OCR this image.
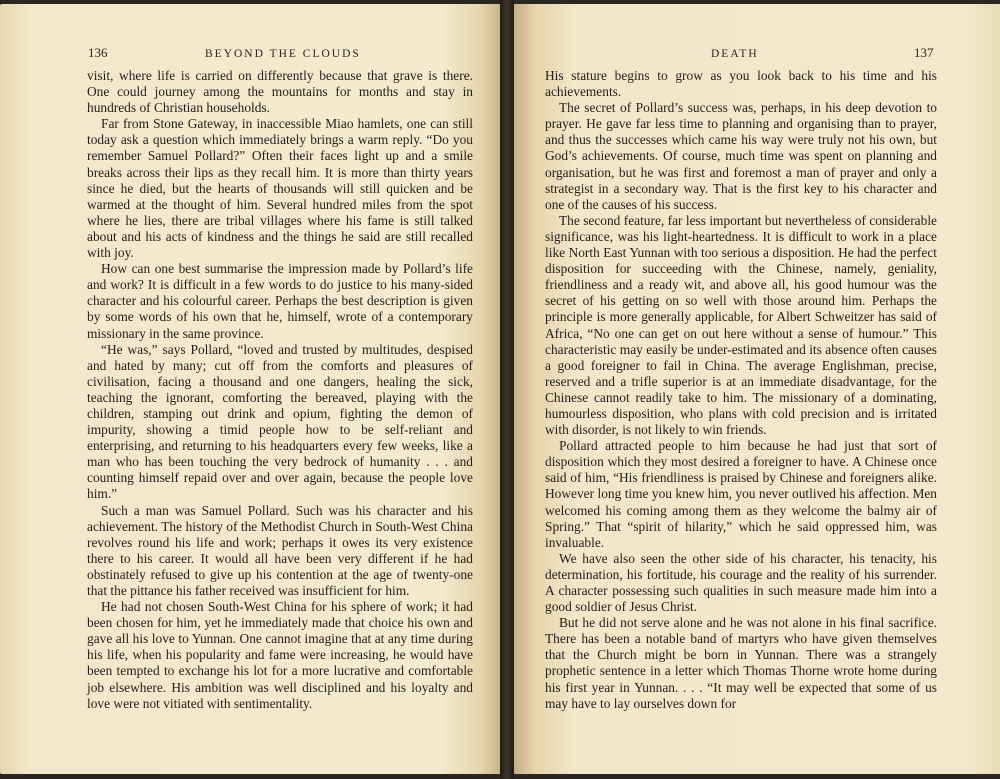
136	BEYOND THE CLOUDS

visit, where life is carried on differently because that grave is there. One could journey among the mountains for months and stay in hundreds of Christian households.

Far from Stone Gateway, in inaccessible Miao hamlets, one can still today ask a question which immediately brings a warm reply. “Do you remember Samuel Pollard?” Often their faces light up and a smile breaks across their lips as they recall him. It is more than thirty years since he died, but the hearts of thousands will still quicken and be warmed at the thought of him. Several hundred miles from the spot where he lies, there are tribal villages where his fame is still talked about and his acts of kindness and the things he said are still recalled with joy.

How can one best summarise the impression made by Pollard’s life and work? It is difficult in a few words to do justice to his many-sided character and his colourful career. Perhaps the best description is given by some words of his own that he, himself, wrote of a contemporary missionary in the same province.

“He was,” says Pollard, “loved and trusted by multitudes, despised and hated by many; cut off from the comforts and pleasures of civilisation, facing a thousand and one dangers, healing the sick, teaching the ignorant, comforting the bereaved, playing with the children, stamping out drink and opium, fighting the demon of impurity, showing a timid people how to be self-reliant and enterprising, and returning to his headquarters every few weeks, like a man who has been touching the very bedrock of humanity . . . and counting himself repaid over and over again, because the people love him.”

Such a man was Samuel Pollard. Such was his character and his achievement. The history of the Methodist Church in South-West China revolves round his life and work; perhaps it owes its very existence there to his career. It would all have been very different if he had obstinately refused to give up his contention at the age of twenty-one that the pittance his father received was insufficient for him.

He had not chosen South-West China for his sphere of work; it had been chosen for him, yet he immediately made that choice his own and gave all his love to Yunnan. One cannot imagine that at any time during his life, when his popularity and fame were increasing, he would have been tempted to exchange his lot for a more lucrative and comfortable job elsewhere. His ambition was well disciplined and his loyalty and love were not vitiated with sentimentality.

DEATH	137

His stature begins to grow as you look back to his time and his achievements.

The secret of Pollard’s success was, perhaps, in his deep devotion to prayer. He gave far less time to planning and organising than to prayer, and thus the successes which came his way were truly not his own, but God’s achievements. Of course, much time was spent on planning and organisation, but he was first and foremost a man of prayer and only a strategist in a secondary way. That is the first key to his character and one of the causes of his success.

The second feature, far less important but nevertheless of considerable significance, was his light-heartedness. It is difficult to work in a place like North East Yunnan with too serious a disposition. He had the perfect disposition for succeeding with the Chinese, namely, geniality, friendliness and a ready wit, and above all, his good humour was the secret of his getting on so well with those around him. Perhaps the principle is more generally applicable, for Albert Schweitzer has said of Africa, “No one can get on out here without a sense of humour.” This characteristic may easily be under-estimated and its absence often causes a good foreigner to fail in China. The average Englishman, precise, reserved and a trifle superior is at an immediate disadvantage, for the Chinese cannot readily take to him. The missionary of a dominating, humourless disposition, who plans with cold precision and is irritated with disorder, is not likely to win friends.

Pollard attracted people to him because he had just that sort of disposition which they most desired a foreigner to have. A Chinese once said of him, “His friendliness is praised by Chinese and foreigners alike. However long time you knew him, you never outlived his affection. Men welcomed his coming among them as they welcome the balmy air of Spring.” That “spirit of hilarity,” which he said oppressed him, was invaluable.

We have also seen the other side of his character, his tenacity, his determination, his fortitude, his courage and the reality of his surrender. A character possessing such qualities in such measure made him into a good soldier of Jesus Christ.

But he did not serve alone and he was not alone in his final sacrifice. There has been a notable band of martyrs who have given themselves that the Church might be born in Yunnan. There was a strangely prophetic sentence in a letter which Thomas Thorne wrote home during his first year in Yunnan. . . . “It may well be expected that some of us may have to lay ourselves down for
